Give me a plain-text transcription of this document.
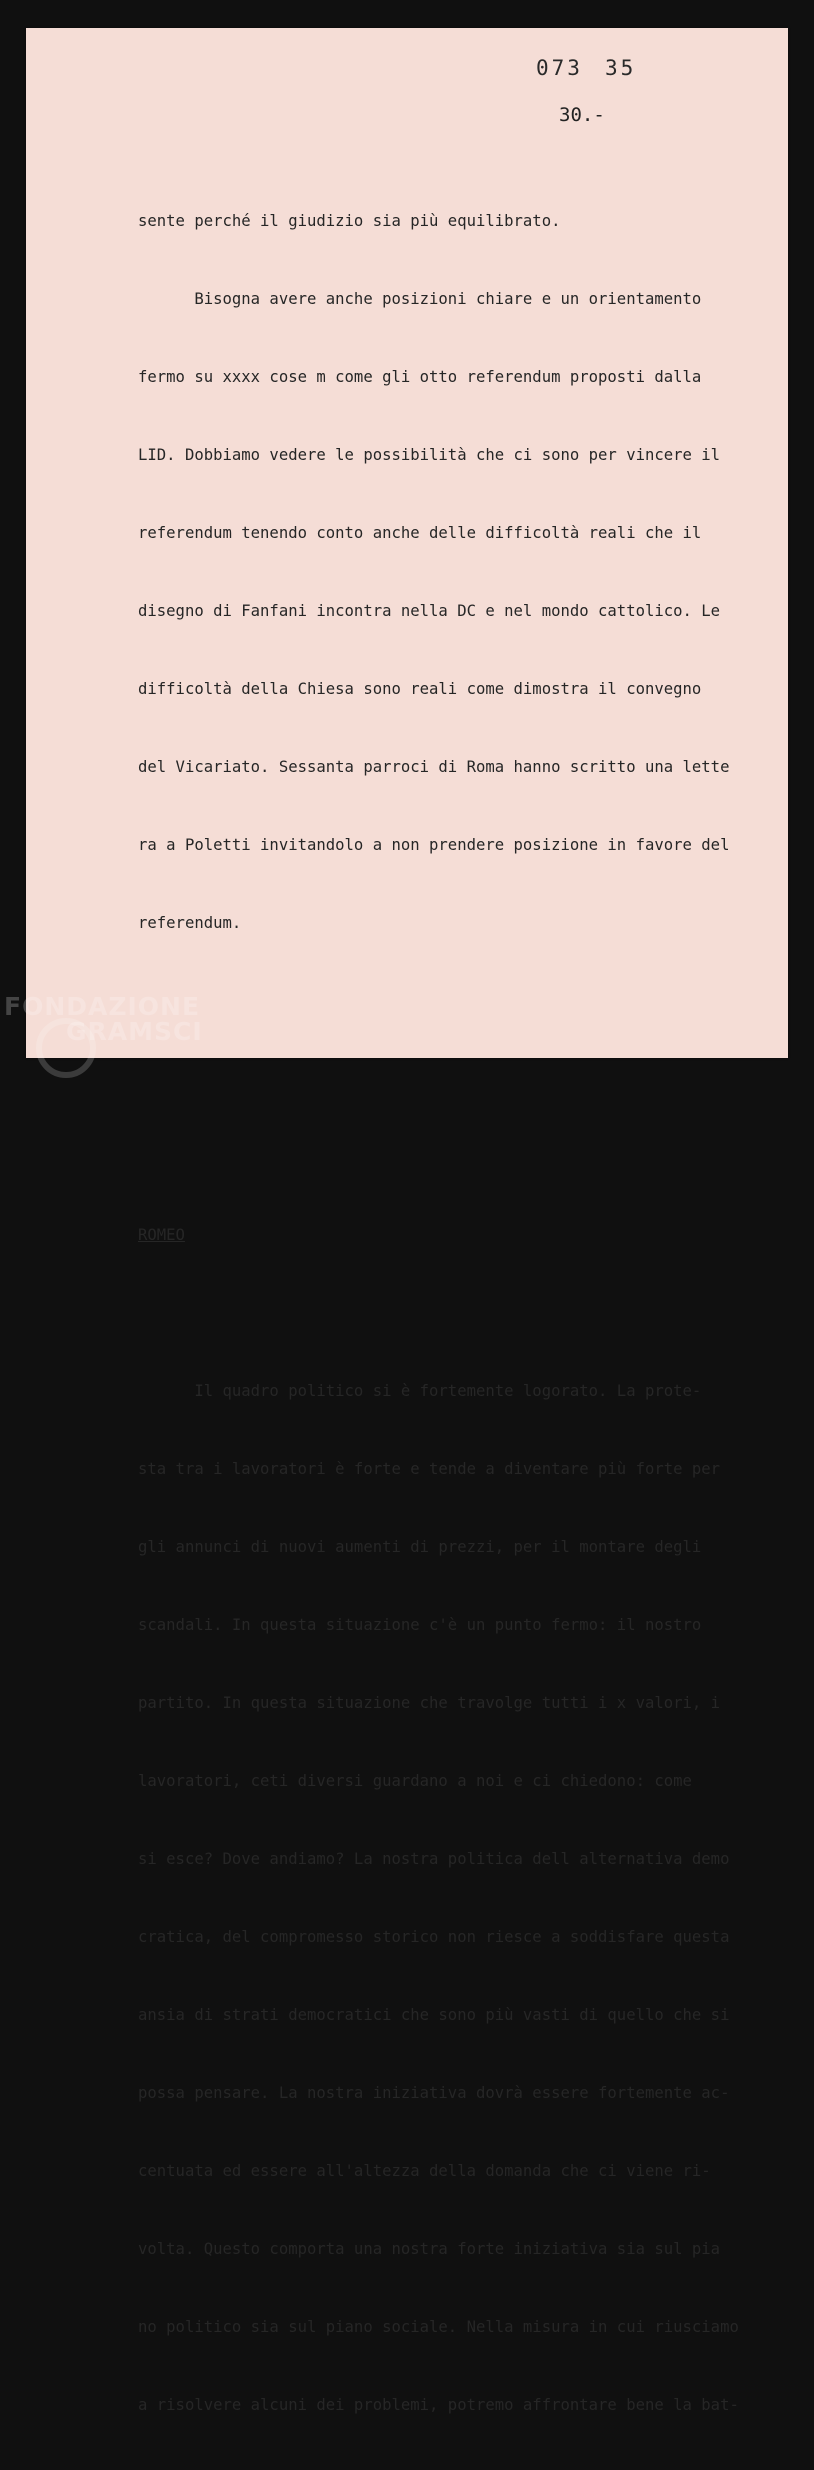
073 35
30.-

sente perché il giudizio sia più equilibrato.

Bisogna avere anche posizioni chiare e un orientamento

fermo su xxxx cose m come gli otto referendum proposti dalla

LID. Dobbiamo vedere le possibilità che ci sono per vincere il

referendum tenendo conto anche delle difficoltà reali che il

disegno di Fanfani incontra nella DC e nel mondo cattolico. Le

difficoltà della Chiesa sono reali come dimostra il convegno

del Vicariato. Sessanta parroci di Roma hanno scritto una lette

ra a Poletti invitandolo a non prendere posizione in favore del

referendum.

ROMEO

Il quadro politico si è fortemente logorato. La prote-

sta tra i lavoratori è forte e tende a diventare più forte per

gli annunci di nuovi aumenti di prezzi, per il montare degli

scandali. In questa situazione c'è un punto fermo: il nostro

partito. In questa situazione che travolge tutti i x valori, i

lavoratori, ceti diversi guardano a noi e ci chiedono: come

si esce? Dove andiamo? La nostra politica dell alternativa demo

cratica, del compromesso storico non riesce a soddisfare questa

ansia di strati democratici che sono più vasti di quello che si

possa pensare. La nostra iniziativa dovrà essere fortemente ac-

centuata ed essere all'altezza della domanda che ci viene ri-

volta. Questo comporta una nostra forte iniziativa sia sul pia

no politico sia sul piano sociale. Nella misura in cui riusciamo

a risolvere alcuni dei problemi, potremo affrontare bene la bat-

FONDAZIONE
GRAMSCI
